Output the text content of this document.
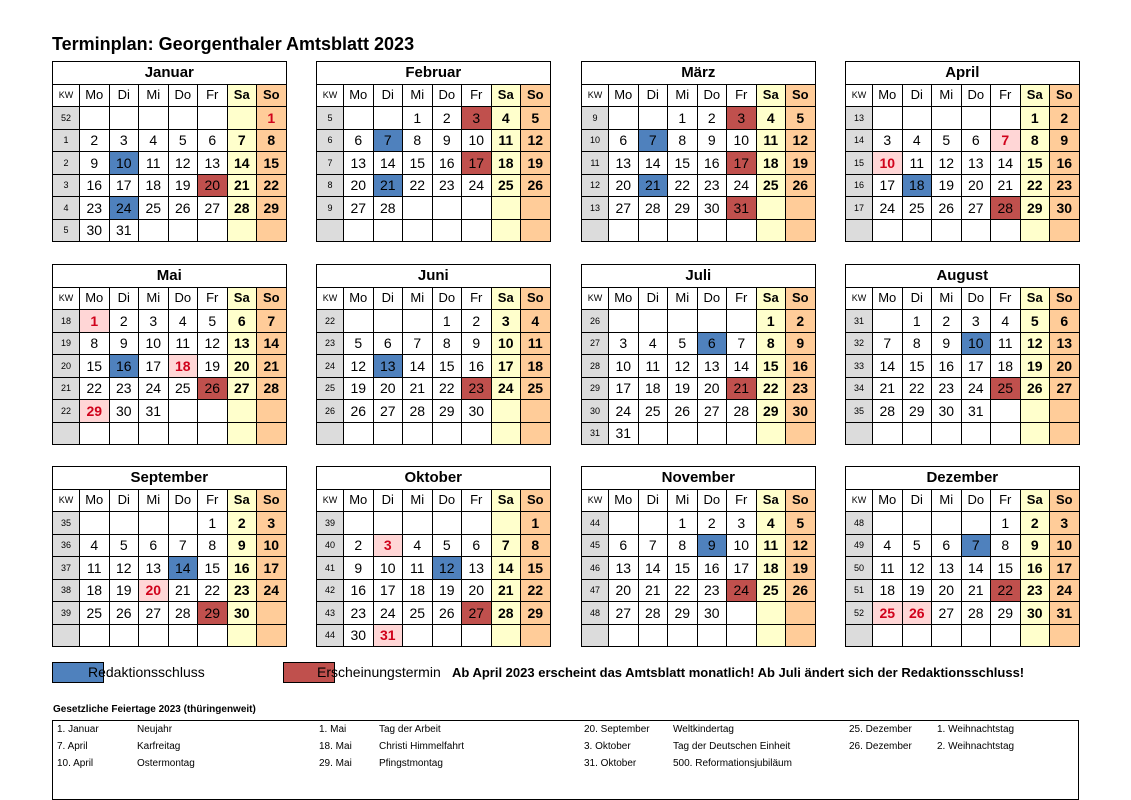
Terminplan: Georgenthaler Amtsblatt 2023
Januar							
KW	Mo	Di	Mi	Do	Fr	Sa	So
52							1
1	2	3	4	5	6	7	8
2	9	10	11	12	13	14	15
3	16	17	18	19	20	21	22
4	23	24	25	26	27	28	29
5	30	31					
Februar							
KW	Mo	Di	Mi	Do	Fr	Sa	So
5			1	2	3	4	5
6	6	7	8	9	10	11	12
7	13	14	15	16	17	18	19
8	20	21	22	23	24	25	26
9	27	28					

März							
KW	Mo	Di	Mi	Do	Fr	Sa	So
9			1	2	3	4	5
10	6	7	8	9	10	11	12
11	13	14	15	16	17	18	19
12	20	21	22	23	24	25	26
13	27	28	29	30	31		

April							
KW	Mo	Di	Mi	Do	Fr	Sa	So
13						1	2
14	3	4	5	6	7	8	9
15	10	11	12	13	14	15	16
16	17	18	19	20	21	22	23
17	24	25	26	27	28	29	30

Mai							
KW	Mo	Di	Mi	Do	Fr	Sa	So
18	1	2	3	4	5	6	7
19	8	9	10	11	12	13	14
20	15	16	17	18	19	20	21
21	22	23	24	25	26	27	28
22	29	30	31				

Juni							
KW	Mo	Di	Mi	Do	Fr	Sa	So
22				1	2	3	4
23	5	6	7	8	9	10	11
24	12	13	14	15	16	17	18
25	19	20	21	22	23	24	25
26	26	27	28	29	30		

Juli							
KW	Mo	Di	Mi	Do	Fr	Sa	So
26						1	2
27	3	4	5	6	7	8	9
28	10	11	12	13	14	15	16
29	17	18	19	20	21	22	23
30	24	25	26	27	28	29	30
31	31						
August							
KW	Mo	Di	Mi	Do	Fr	Sa	So
31		1	2	3	4	5	6
32	7	8	9	10	11	12	13
33	14	15	16	17	18	19	20
34	21	22	23	24	25	26	27
35	28	29	30	31			

September							
KW	Mo	Di	Mi	Do	Fr	Sa	So
35					1	2	3
36	4	5	6	7	8	9	10
37	11	12	13	14	15	16	17
38	18	19	20	21	22	23	24
39	25	26	27	28	29	30	

Oktober							
KW	Mo	Di	Mi	Do	Fr	Sa	So
39							1
40	2	3	4	5	6	7	8
41	9	10	11	12	13	14	15
42	16	17	18	19	20	21	22
43	23	24	25	26	27	28	29
44	30	31					
November							
KW	Mo	Di	Mi	Do	Fr	Sa	So
44			1	2	3	4	5
45	6	7	8	9	10	11	12
46	13	14	15	16	17	18	19
47	20	21	22	23	24	25	26
48	27	28	29	30			

Dezember							
KW	Mo	Di	Mi	Do	Fr	Sa	So
48					1	2	3
49	4	5	6	7	8	9	10
50	11	12	13	14	15	16	17
51	18	19	20	21	22	23	24
52	25	26	27	28	29	30	31

Redaktionsschluss	Erscheinungstermin Ab April 2023 erscheint das Amtsblatt monatlich! Ab Juli ändert sich der Redaktionsschluss!
Gesetzliche Feiertage 2023 (thüringenweit)
1. Januar	Neujahr
7. April	Karfreitag
10. April	Ostermontag
1. Mai	Tag der Arbeit
18. Mai	Christi Himmelfahrt
29. Mai	Pfingstmontag
20. September Weltkindertag
3. Oktober	Tag der Deutschen Einheit
31. Oktober	500. Reformationsjubiläum
25. Dezember	1. Weihnachtstag
26. Dezember	2. Weihnachtstag
